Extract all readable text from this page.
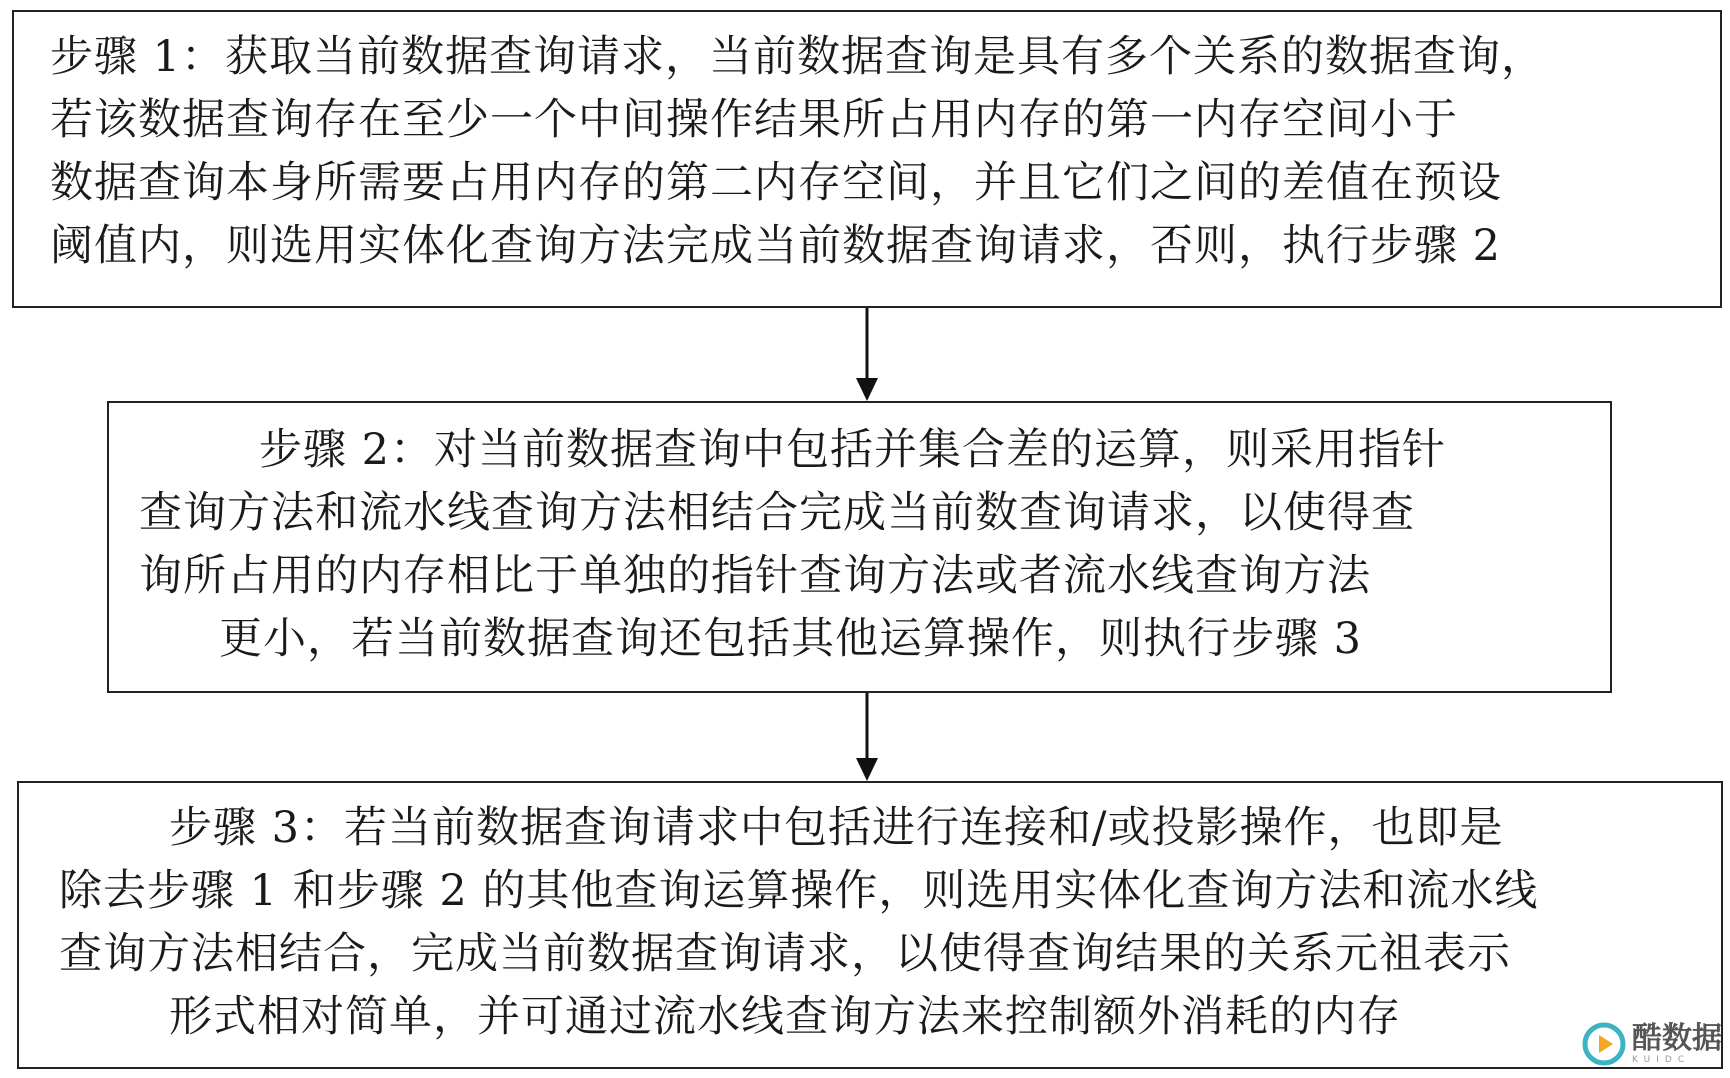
步骤 1：获取当前数据查询请求，当前数据查询是具有多个关系的数据查询，
若该数据查询存在至少一个中间操作结果所占用内存的第一内存空间小于
数据查询本身所需要占用内存的第二内存空间，并且它们之间的差值在预设
阈值内，则选用实体化查询方法完成当前数据查询请求，否则，执行步骤 2

步骤 2：对当前数据查询中包括并集合差的运算，则采用指针
查询方法和流水线查询方法相结合完成当前数查询请求，以使得查
询所占用的内存相比于单独的指针查询方法或者流水线查询方法
更小，若当前数据查询还包括其他运算操作，则执行步骤 3

步骤 3：若当前数据查询请求中包括进行连接和/或投影操作，也即是
除去步骤 1 和步骤 2 的其他查询运算操作，则选用实体化查询方法和流水线
查询方法相结合，完成当前数据查询请求，以使得查询结果的关系元祖表示
形式相对简单，并可通过流水线查询方法来控制额外消耗的内存	酷数据
KUIDC
